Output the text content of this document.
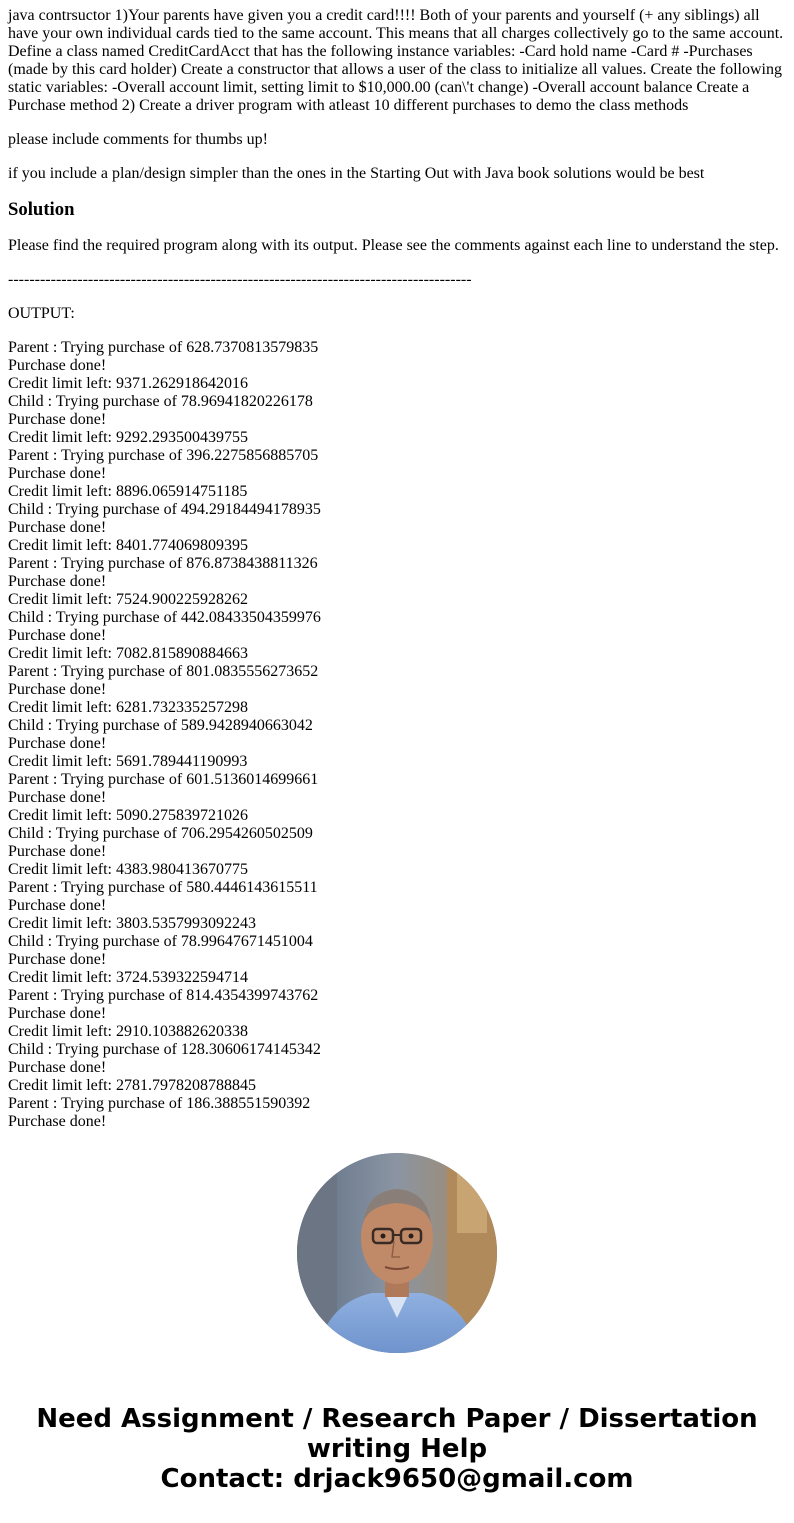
java contrsuctor 1)Your parents have given you a credit card!!!! Both of your parents and yourself (+ any siblings) all have your own individual cards tied to the same account. This means that all charges collectively go to the same account. Define a class named CreditCardAcct that has the following instance variables: -Card hold name -Card # -Purchases (made by this card holder) Create a constructor that allows a user of the class to initialize all values. Create the following static variables: -Overall account limit, setting limit to $10,000.00 (can\'t change) -Overall account balance Create a Purchase method 2) Create a driver program with atleast 10 different purchases to demo the class methods

please include comments for thumbs up!

if you include a plan/design simpler than the ones in the Starting Out with Java book solutions would be best

Solution

Please find the required program along with its output. Please see the comments against each line to understand the step.

---------------------------------------------------------------------------------------

OUTPUT:

Parent : Trying purchase of 628.7370813579835
Purchase done!
Credit limit left: 9371.262918642016
Child : Trying purchase of 78.96941820226178
Purchase done!
Credit limit left: 9292.293500439755
Parent : Trying purchase of 396.2275856885705
Purchase done!
Credit limit left: 8896.065914751185
Child : Trying purchase of 494.29184494178935
Purchase done!
Credit limit left: 8401.774069809395
Parent : Trying purchase of 876.8738438811326
Purchase done!
Credit limit left: 7524.900225928262
Child : Trying purchase of 442.08433504359976
Purchase done!
Credit limit left: 7082.815890884663
Parent : Trying purchase of 801.0835556273652
Purchase done!
Credit limit left: 6281.732335257298
Child : Trying purchase of 589.9428940663042
Purchase done!
Credit limit left: 5691.789441190993
Parent : Trying purchase of 601.5136014699661
Purchase done!
Credit limit left: 5090.275839721026
Child : Trying purchase of 706.2954260502509
Purchase done!
Credit limit left: 4383.980413670775
Parent : Trying purchase of 580.4446143615511
Purchase done!
Credit limit left: 3803.5357993092243
Child : Trying purchase of 78.99647671451004
Purchase done!
Credit limit left: 3724.539322594714
Parent : Trying purchase of 814.4354399743762
Purchase done!
Credit limit left: 2910.103882620338
Child : Trying purchase of 128.30606174145342
Purchase done!
Credit limit left: 2781.7978208788845
Parent : Trying purchase of 186.388551590392
Purchase done!
Need Assignment / Research Paper / Dissertation
writing Help
Contact: drjack9650@gmail.com
